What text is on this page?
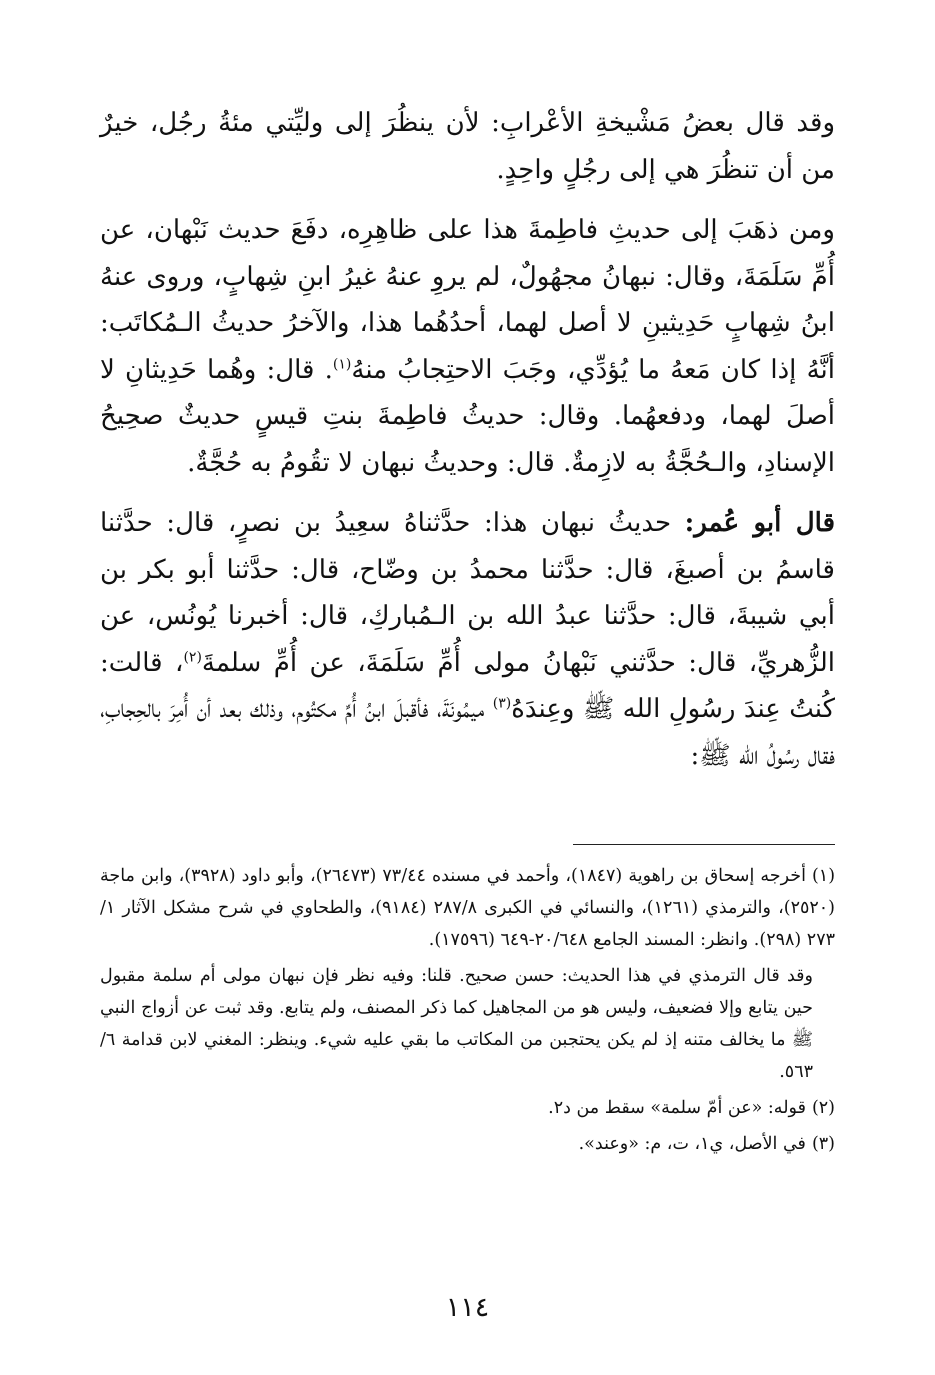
وقد قال بعضُ مَشْيخةِ الأعْرابِ: لأن ينظُرَ إلى وليِّتي مئةُ رجُل، خيرٌ من أن تنظُرَ هي إلى رجُلٍ واحِدٍ.

ومن ذهَبَ إلى حديثِ فاطِمةَ هذا على ظاهِرِه، دفَعَ حديث نَبْهان، عن أُمِّ سَلَمَةَ، وقال: نبهانُ مجهُولٌ، لم يروِ عنهُ غيرُ ابنِ شِهابٍ، وروى عنهُ ابنُ شِهابٍ حَدِيثينِ لا أصل لهما، أحدُهُما هذا، والآخرُ حديثُ الـمُكاتَب: أنَّهُ إذا كان مَعهُ ما يُؤدِّي، وجَبَ الاحتِجابُ منهُ$^{(١)}$. قال: وهُما حَدِيثانِ لا أصلَ لهما، ودفعهُما. وقال: حديثُ فاطِمةَ بنتِ قيسٍ حديثٌ صحِيحُ الإسنادِ، والـحُجَّةُ به لازِمةٌ. قال: وحديثُ نبهان لا تقُومُ به حُجَّةٌ.

قال أبو عُمر: حديثُ نبهان هذا: حدَّثناهُ سعِيدُ بن نصرٍ، قال: حدَّثنا قاسمُ بن أصبغَ، قال: حدَّثنا محمدُ بن وضّاح، قال: حدَّثنا أبو بكر بن أبي شيبةَ، قال: حدَّثنا عبدُ الله بن الـمُباركِ، قال: أخبرنا يُونُس، عن الزُّهريِّ، قال: حدَّثني نَبْهانُ مولى أُمِّ سَلَمَةَ، عن أُمِّ سلمةَ$^{(٢)}$، قالت: كُنتُ عِندَ رسُولِ الله ﷺ وعِندَهُ$^{(٣)}$ ميمُونَةَ، فأقبلَ ابنُ أُمِّ مكتُوم، وذلك بعد أن أُمِرَ بالحِجابِ، فقال رسُولُ الله ﷺ:

(١)أخرجه إسحاق بن راهوية (١٨٤٧)، وأحمد في مسنده ٧٣/٤٤ (٢٦٤٧٣)، وأبو داود (٣٩٢٨)، وابن ماجة (٢٥٢٠)، والترمذي (١٢٦١)، والنسائي في الكبرى ٢٨٧/٨ (٩١٨٤)، والطحاوي في شرح مشكل الآثار ١/ ٢٧٣ (٢٩٨). وانظر: المسند الجامع ٢٠/٦٤٨-٦٤٩ (١٧٥٩٦).

وقد قال الترمذي في هذا الحديث: حسن صحيح. قلنا: وفيه نظر فإن نبهان مولى أم سلمة مقبول حين يتابع وإلا فضعيف، وليس هو من المجاهيل كما ذكر المصنف، ولم يتابع. وقد ثبت عن أزواج النبي ﷺ ما يخالف متنه إذ لم يكن يحتجبن من المكاتب ما بقي عليه شيء. وينظر: المغني لابن قدامة ٦/ ٥٦٣.

(٢)قوله: «عن أمّ سلمة» سقط من د٢.

(٣)في الأصل، ي١، ت، م: «وعند».

١١٤
